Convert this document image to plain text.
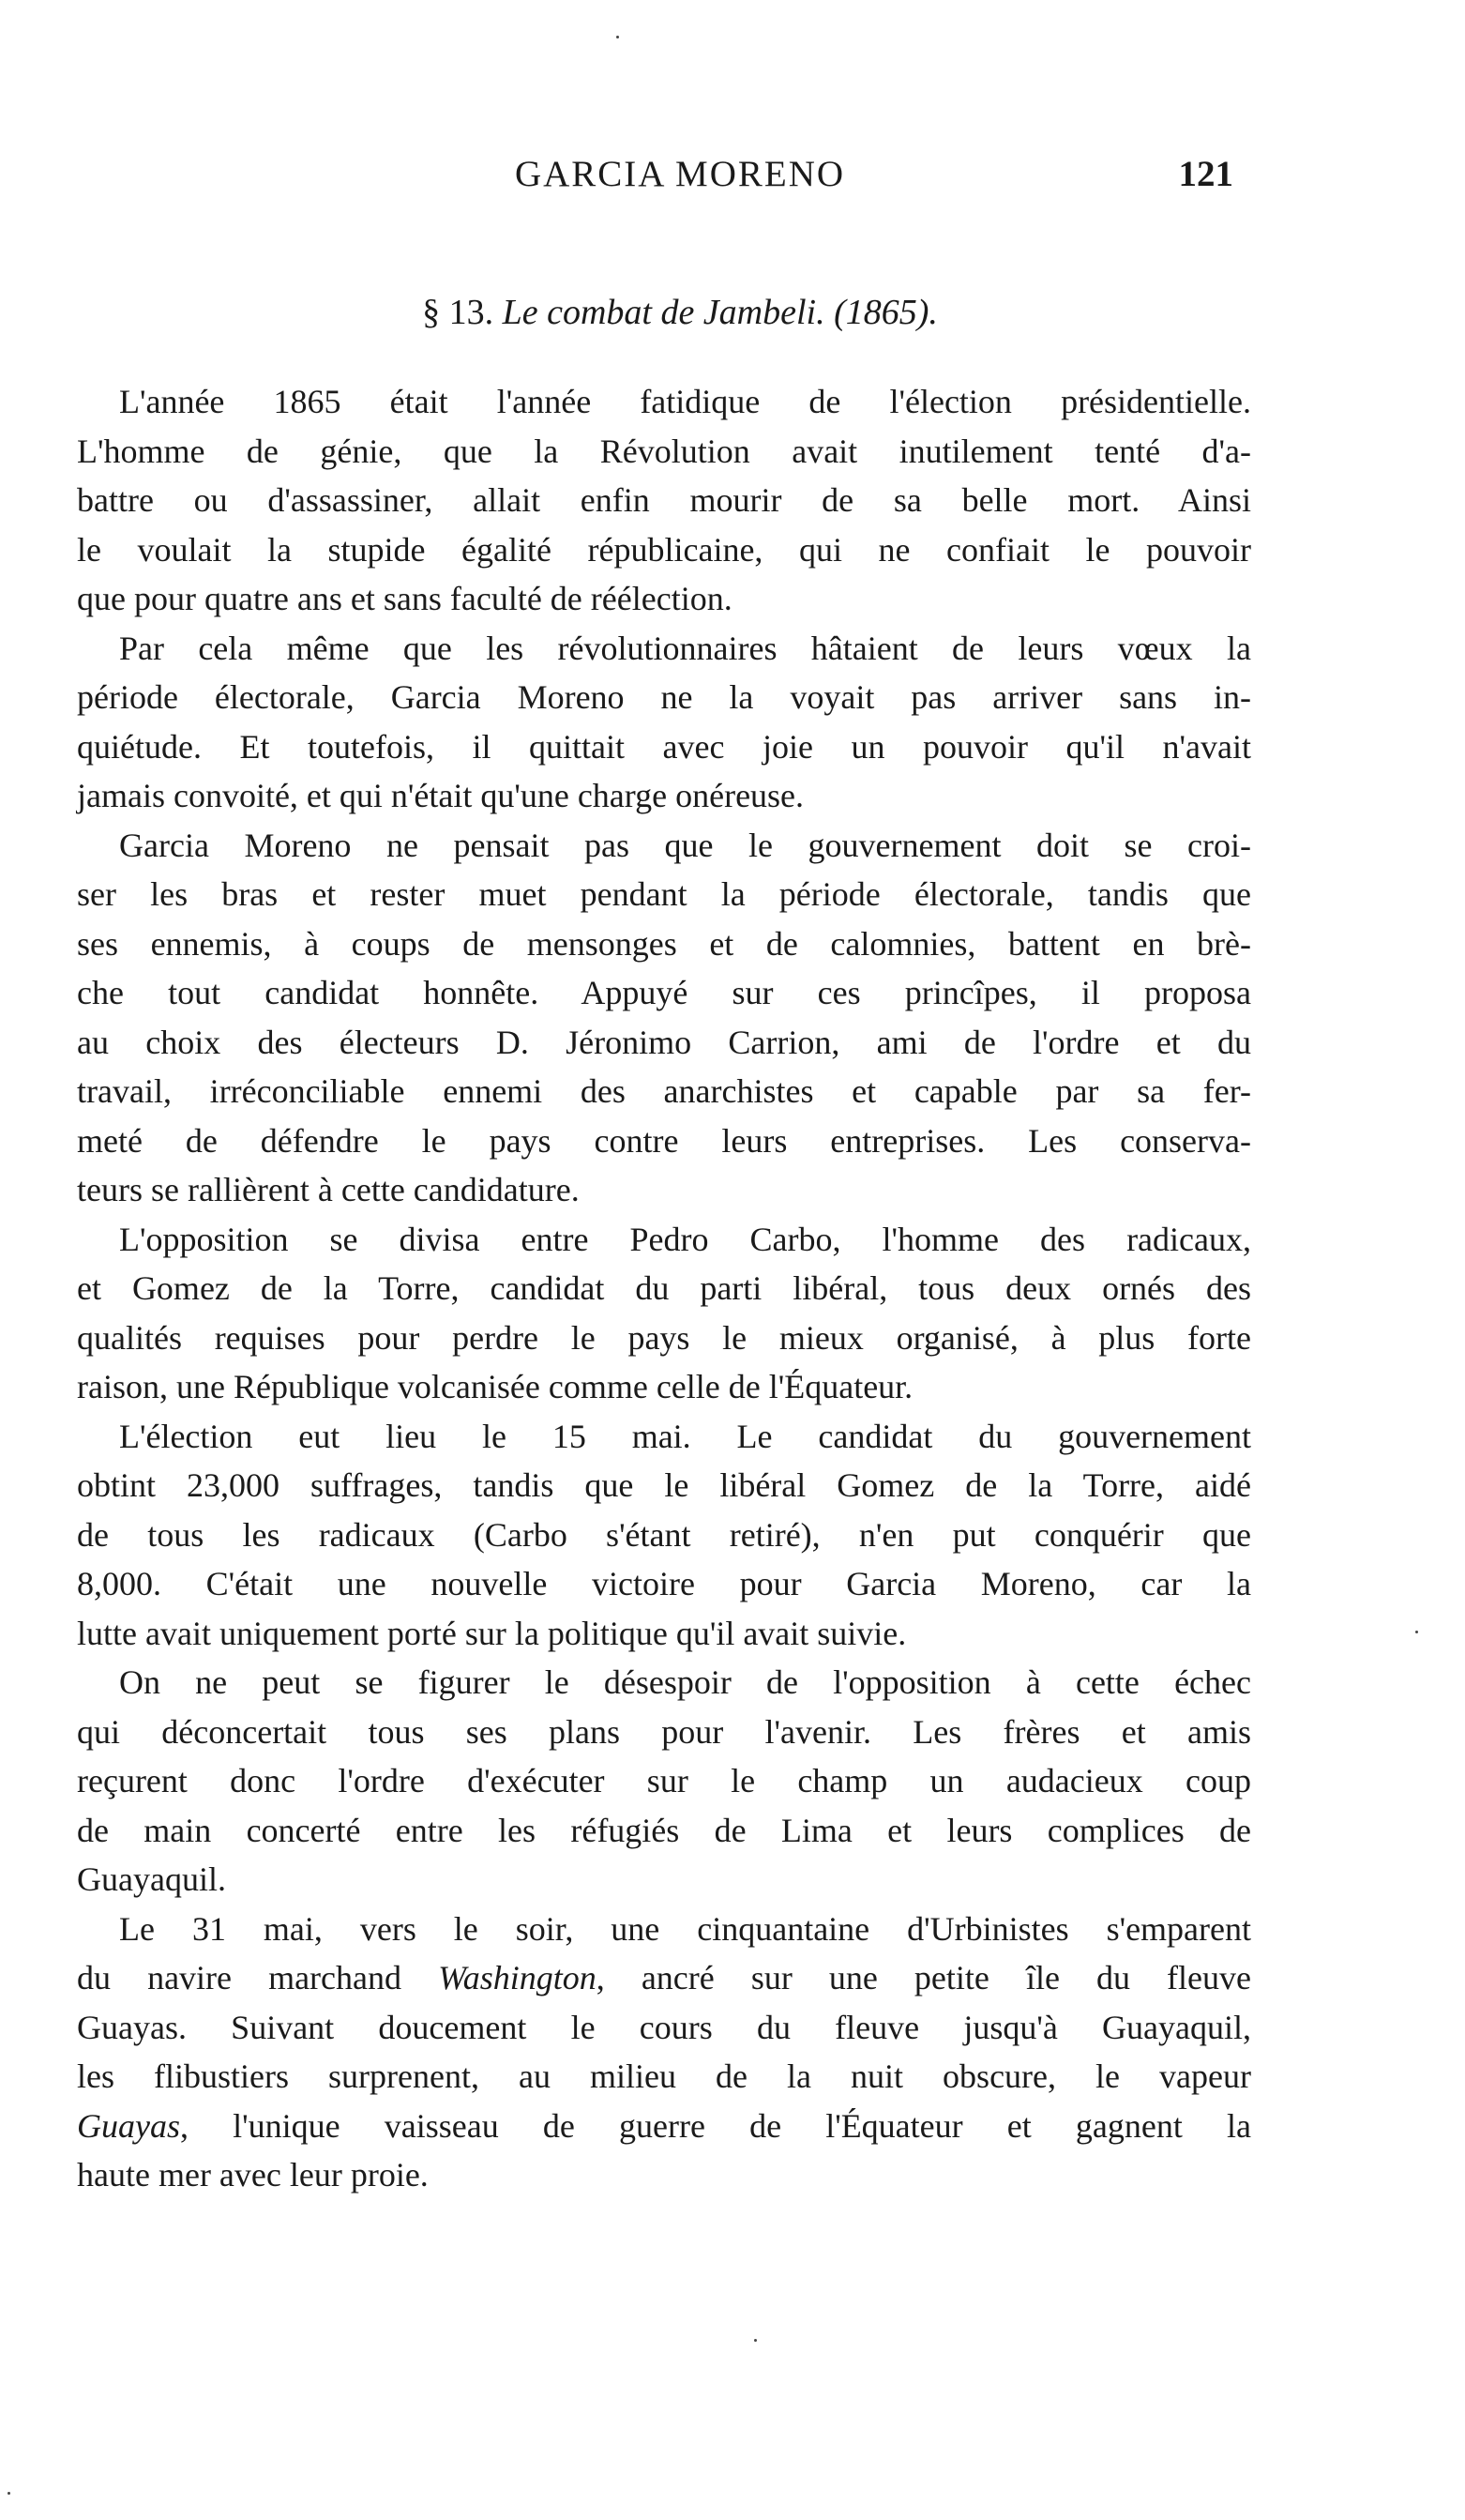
GARCIA MORENO	121
§ 13. Le combat de Jambeli. (1865).

L'année 1865 était l'année fatidique de l'élection présidentielle.
L'homme de génie, que la Révolution avait inutilement tenté d'a-
battre ou d'assassiner, allait enfin mourir de sa belle mort. Ainsi
le voulait la stupide égalité républicaine, qui ne confiait le pouvoir
que pour quatre ans et sans faculté de réélection.

Par cela même que les révolutionnaires hâtaient de leurs vœux la
période électorale, Garcia Moreno ne la voyait pas arriver sans in-
quiétude. Et toutefois, il quittait avec joie un pouvoir qu'il n'avait
jamais convoité, et qui n'était qu'une charge onéreuse.

Garcia Moreno ne pensait pas que le gouvernement doit se croi-
ser les bras et rester muet pendant la période électorale, tandis que
ses ennemis, à coups de mensonges et de calomnies, battent en brè-
che tout candidat honnête. Appuyé sur ces princîpes, il proposa
au choix des électeurs D. Jéronimo Carrion, ami de l'ordre et du
travail, irréconciliable ennemi des anarchistes et capable par sa fer-
meté de défendre le pays contre leurs entreprises. Les conserva-
teurs se rallièrent à cette candidature.

L'opposition se divisa entre Pedro Carbo, l'homme des radicaux,
et Gomez de la Torre, candidat du parti libéral, tous deux ornés des
qualités requises pour perdre le pays le mieux organisé, à plus forte
raison, une République volcanisée comme celle de l'Équateur.

L'élection eut lieu le 15 mai. Le candidat du gouvernement
obtint 23,000 suffrages, tandis que le libéral Gomez de la Torre, aidé
de tous les radicaux (Carbo s'étant retiré), n'en put conquérir que
8,000. C'était une nouvelle victoire pour Garcia Moreno, car la
lutte avait uniquement porté sur la politique qu'il avait suivie.

On ne peut se figurer le désespoir de l'opposition à cette échec
qui déconcertait tous ses plans pour l'avenir. Les frères et amis
reçurent donc l'ordre d'exécuter sur le champ un audacieux coup
de main concerté entre les réfugiés de Lima et leurs complices de
Guayaquil.

Le 31 mai, vers le soir, une cinquantaine d'Urbinistes s'emparent
du navire marchand Washington, ancré sur une petite île du fleuve
Guayas. Suivant doucement le cours du fleuve jusqu'à Guayaquil,
les flibustiers surprenent, au milieu de la nuit obscure, le vapeur
Guayas, l'unique vaisseau de guerre de l'Équateur et gagnent la
haute mer avec leur proie.
